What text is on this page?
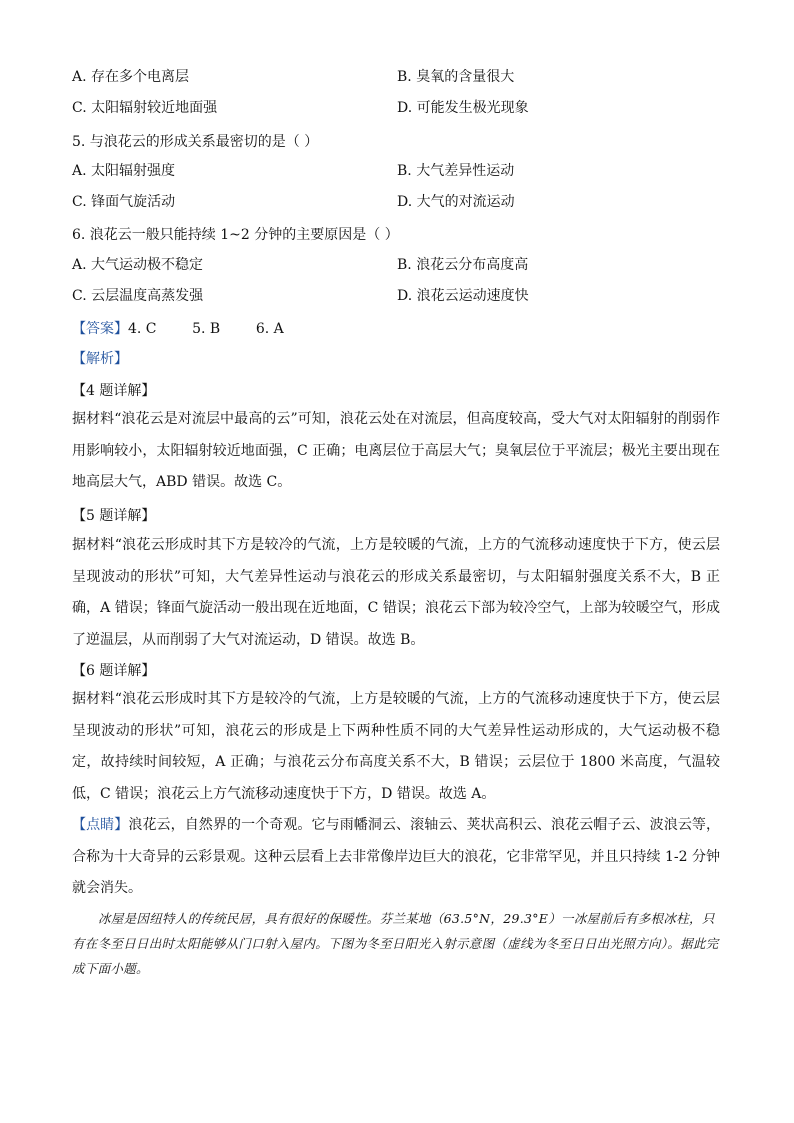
A. 存在多个电离层	B. 臭氧的含量很大
C. 太阳辐射较近地面强	D. 可能发生极光现象
5. 与浪花云的形成关系最密切的是（ ）
A. 太阳辐射强度	B. 大气差异性运动
C. 锋面气旋活动	D. 大气的对流运动
6. 浪花云一般只能持续 1~2 分钟的主要原因是（ ）
A. 大气运动极不稳定	B. 浪花云分布高度高
C. 云层温度高蒸发强	D. 浪花云运动速度快
【答案】4. C        5. B        6. A
【解析】
【4 题详解】

据材料“浪花云是对流层中最高的云”可知，浪花云处在对流层，但高度较高，受大气对太阳辐射的削弱作用影响较小，太阳辐射较近地面强，C 正确；电离层位于高层大气；臭氧层位于平流层；极光主要出现在地高层大气，ABD 错误。故选 C。

【5 题详解】

据材料“浪花云形成时其下方是较冷的气流，上方是较暖的气流，上方的气流移动速度快于下方，使云层呈现波动的形状”可知，大气差异性运动与浪花云的形成关系最密切，与太阳辐射强度关系不大，B 正确，A 错误；锋面气旋活动一般出现在近地面，C 错误；浪花云下部为较冷空气，上部为较暖空气，形成了逆温层，从而削弱了大气对流运动，D 错误。故选 B。

【6 题详解】

据材料“浪花云形成时其下方是较冷的气流，上方是较暖的气流，上方的气流移动速度快于下方，使云层呈现波动的形状”可知，浪花云的形成是上下两种性质不同的大气差异性运动形成的，大气运动极不稳定，故持续时间较短，A 正确；与浪花云分布高度关系不大，B 错误；云层位于 1800 米高度，气温较低，C 错误；浪花云上方气流移动速度快于下方，D 错误。故选 A。

【点睛】浪花云，自然界的一个奇观。它与雨幡洞云、滚轴云、荚状高积云、浪花云帽子云、波浪云等，合称为十大奇异的云彩景观。这种云层看上去非常像岸边巨大的浪花，它非常罕见，并且只持续 1-2 分钟就会消失。

冰屋是因纽特人的传统民居，具有很好的保暖性。芬兰某地（63.5°N，29.3°E）一冰屋前后有多根冰柱，只有在冬至日日出时太阳能够从门口射入屋内。下图为冬至日阳光入射示意图（虚线为冬至日日出光照方向）。据此完成下面小题。
